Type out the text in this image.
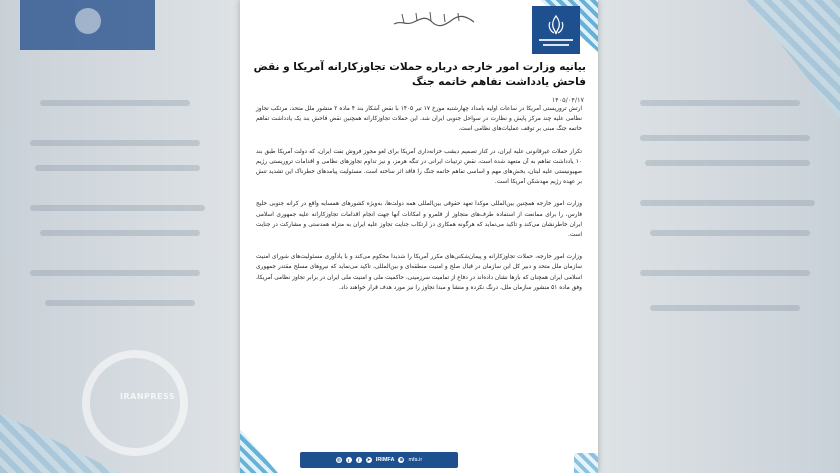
IRANPRESS
بیانیه وزارت امور خارجه درباره حملات تجاوزکارانه آمریکا و نقض فاحش یادداشت تفاهم خاتمه جنگ
۱۴۰۵/۰۴/۱۷

ارتش تروریستی آمریکا در ساعات اولیه بامداد چهارشنبه مورخ ۱۷ تیر ۱۴۰۵ با نقض آشکار بند ۴ ماده ۲ منشور ملل متحد، مرتکب تجاوز نظامی علیه چند مرکز پایش و نظارت در سواحل جنوبی ایران شد. این حملات تجاوزکارانه همچنین نقض فاحش بند یک یادداشت تفاهم خاتمه جنگ مبنی بر توقف عملیات‌های نظامی است.

تکرار حملات غیرقانونی علیه ایران، در کنار تصمیم دیشب خزانه‌داری آمریکا برای لغو مجوز فروش نفت ایران، که دولت آمریکا طبق بند ۱۰ یادداشت تفاهم به آن متعهد شده است، نقض ترتیبات ایرانی در تنگه هرمز، و نیز تداوم تجاوزهای نظامی و اقدامات تروریستی رژیم صهیونیستی علیه لبنان، بخش‌های مهم و اساسی تفاهم خاتمه جنگ را فاقد اثر ساخته است. مسئولیت پیامدهای خطرناک این تشدید تنش بر عهده رژیم مهدشکن آمریکا است.

وزارت امور خارجه همچنین بین‌المللی موکدا تعهد حقوقی بین‌المللی همه دولت‌ها، به‌ویژه کشورهای همسایه واقع در کرانه جنوبی خلیج فارس، را برای ممانعت از استفاده طرف‌های متجاوز از قلمرو و امکانات آنها جهت انجام اقدامات تجاوزکارانه علیه جمهوری اسلامی ایران خاطرنشان می‌کند و تاکید می‌نماید که هرگونه همکاری در ارتکاب جنایت تجاوز علیه ایران به منزله همدستی و مشارکت در جنایت است.

وزارت امور خارجه، حملات تجاوزکارانه و پیمان‌شکنی‌های مکرر آمریکا را شدیدا محکوم می‌کند و با یادآوری مسئولیت‌های شورای امنیت سازمان ملل متحد و دبیر کل این سازمان در قبال صلح و امنیت منطقه‌ای و بین‌المللی، تاکید می‌نماید که نیروهای مسلح مقتدر جمهوری اسلامی ایران همچنان که بارها نشان داده‌اند در دفاع از تمامیت سرزمینی، حاکمیت ملی و امنیت ملی ایران در برابر تجاوز نظامی آمریکا، وفق ماده ۵۱ منشور سازمان ملل، درنگ نکرده و منشا و مبدا تجاوز را نیز مورد هدف قرار خواهند داد.

◎	t	f	➤ IRIMFA ⊕ mfa.ir
